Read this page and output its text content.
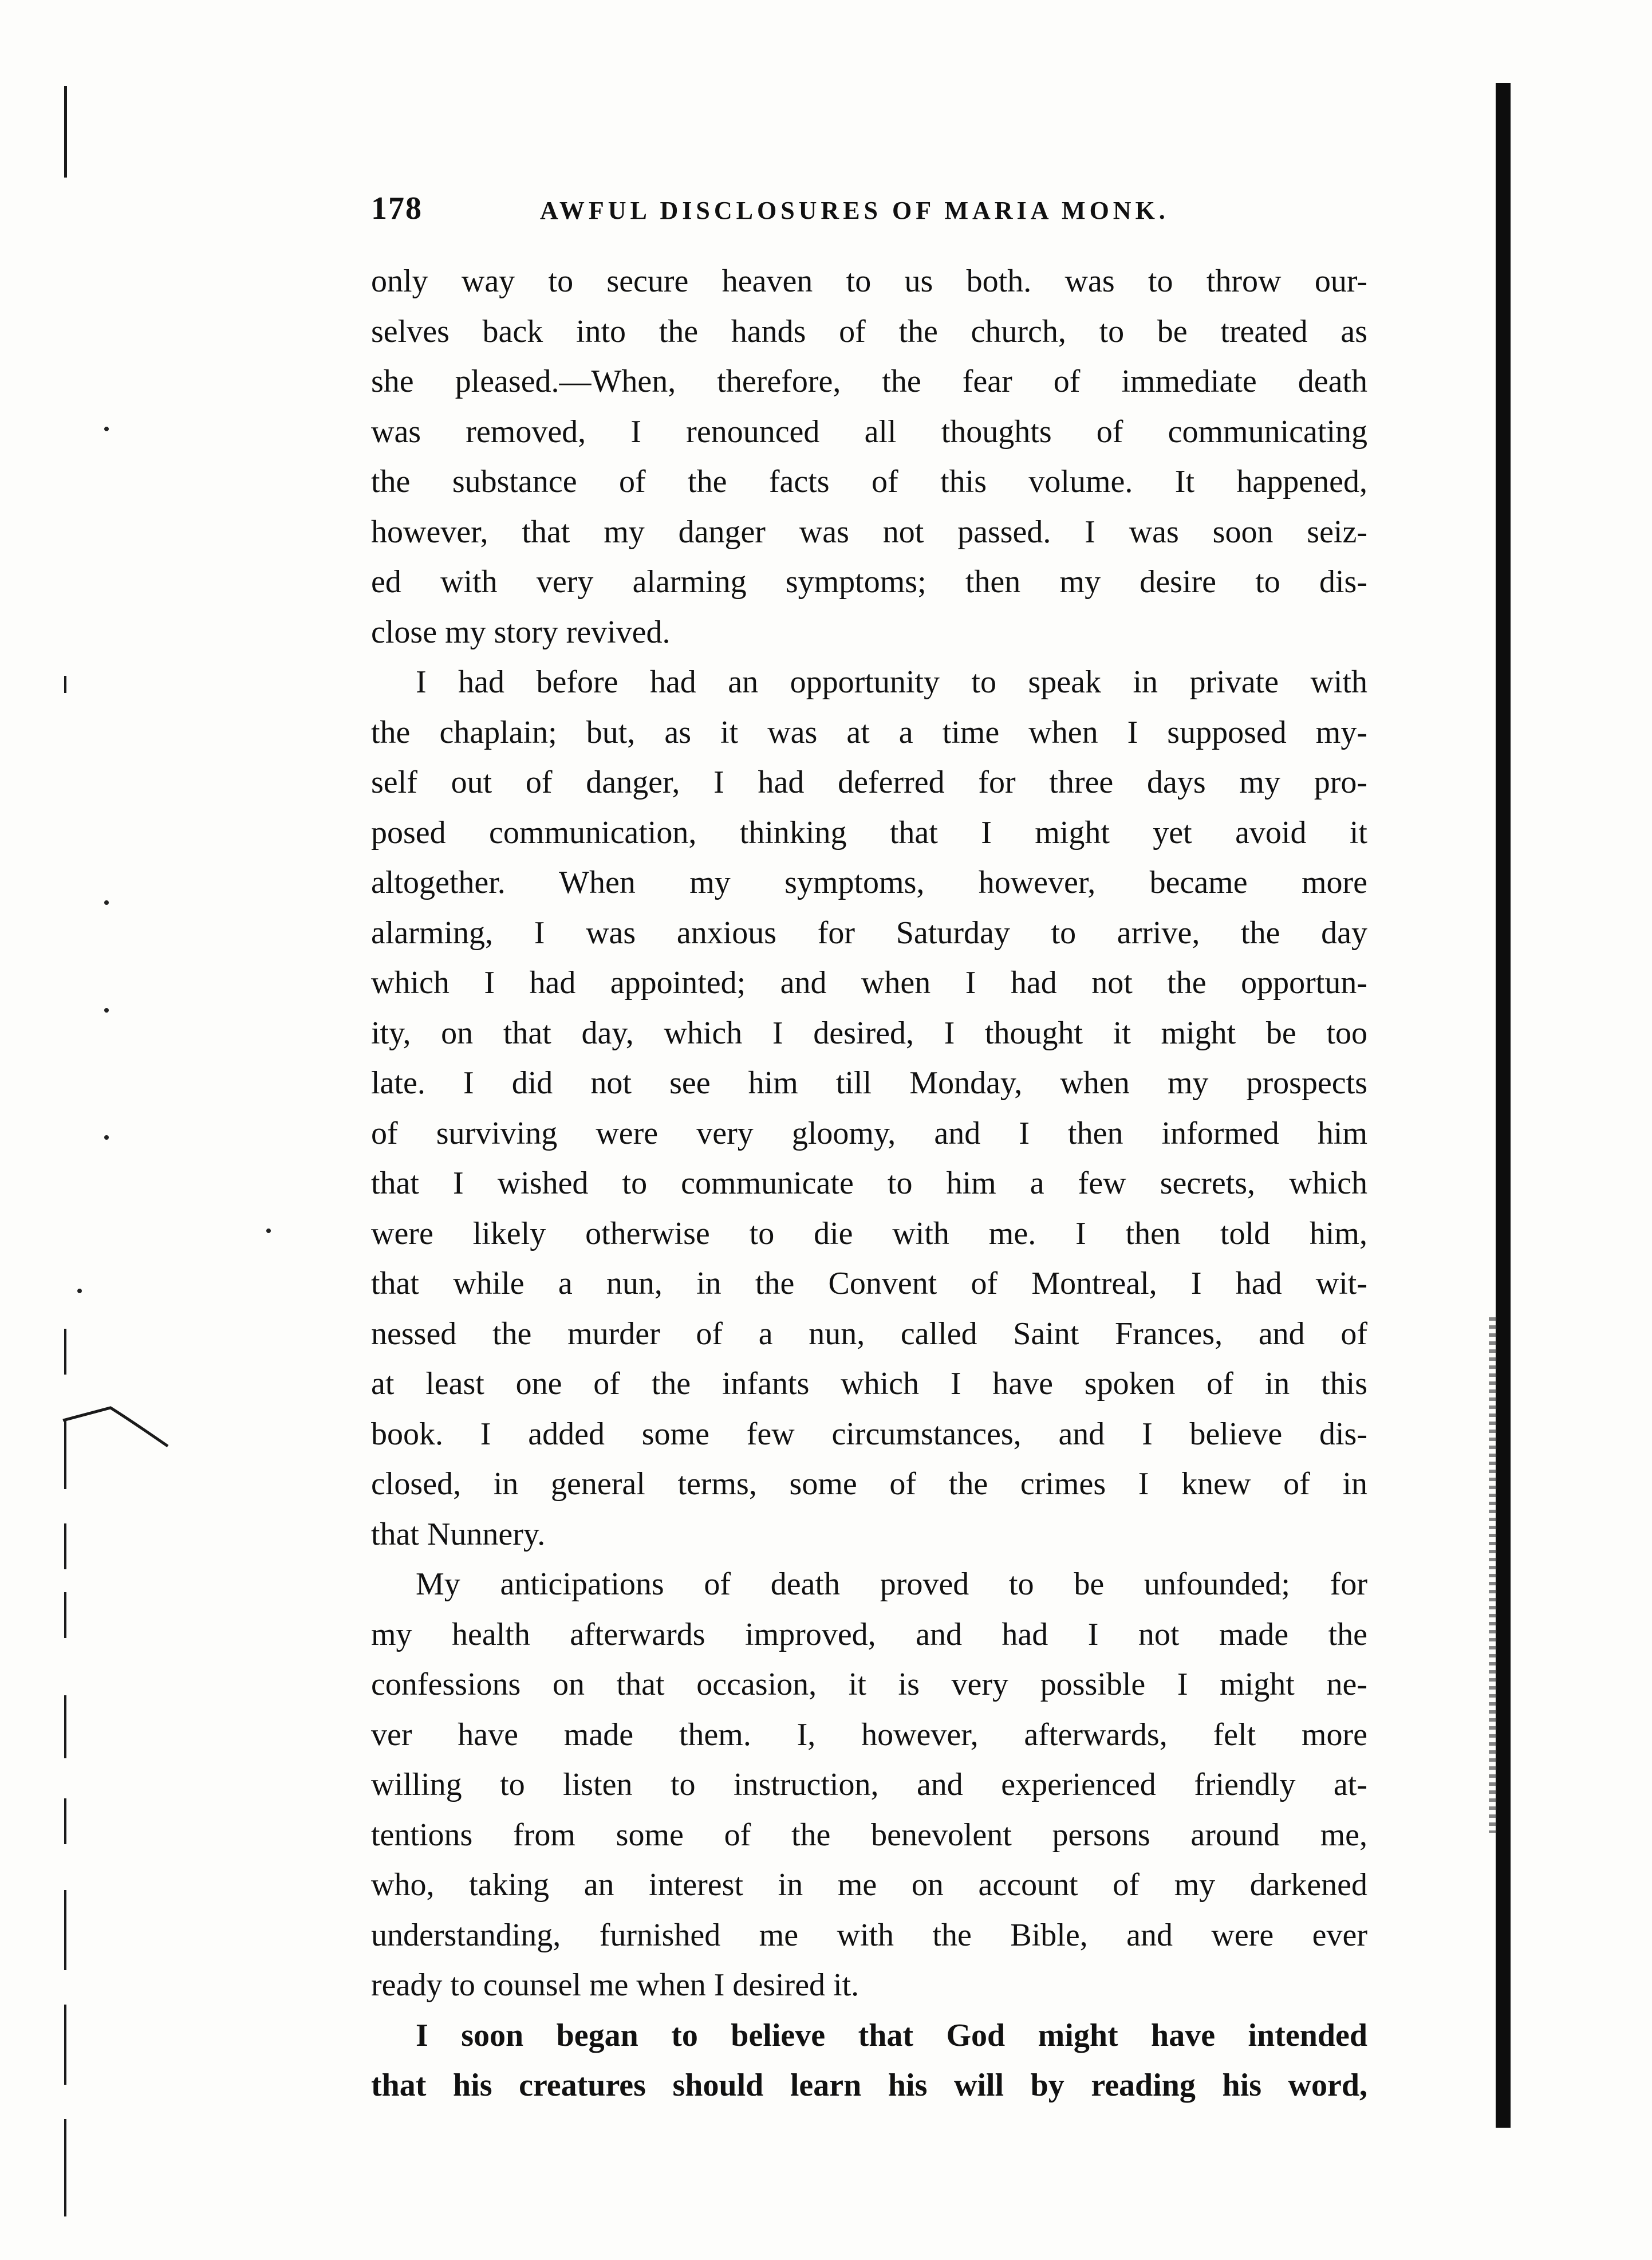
178	AWFUL DISCLOSURES OF MARIA MONK.
only way to secure heaven to us both. was to throw our-
selves back into the hands of the church, to be treated as
she pleased.—When, therefore, the fear of immediate death
was removed, I renounced all thoughts of communicating
the substance of the facts of this volume. It happened,
however, that my danger was not passed. I was soon seiz-
ed with very alarming symptoms; then my desire to dis-
close my story revived.
I had before had an opportunity to speak in private with
the chaplain; but, as it was at a time when I supposed my-
self out of danger, I had deferred for three days my pro-
posed communication, thinking that I might yet avoid it
altogether. When my symptoms, however, became more
alarming, I was anxious for Saturday to arrive, the day
which I had appointed; and when I had not the opportun-
ity, on that day, which I desired, I thought it might be too
late. I did not see him till Monday, when my prospects
of surviving were very gloomy, and I then informed him
that I wished to communicate to him a few secrets, which
were likely otherwise to die with me. I then told him,
that while a nun, in the Convent of Montreal, I had wit-
nessed the murder of a nun, called Saint Frances, and of
at least one of the infants which I have spoken of in this
book. I added some few circumstances, and I believe dis-
closed, in general terms, some of the crimes I knew of in
that Nunnery.
My anticipations of death proved to be unfounded; for
my health afterwards improved, and had I not made the
confessions on that occasion, it is very possible I might ne-
ver have made them. I, however, afterwards, felt more
willing to listen to instruction, and experienced friendly at-
tentions from some of the benevolent persons around me,
who, taking an interest in me on account of my darkened
understanding, furnished me with the Bible, and were ever
ready to counsel me when I desired it.
I soon began to believe that God might have intended
that his creatures should learn his will by reading his word,
